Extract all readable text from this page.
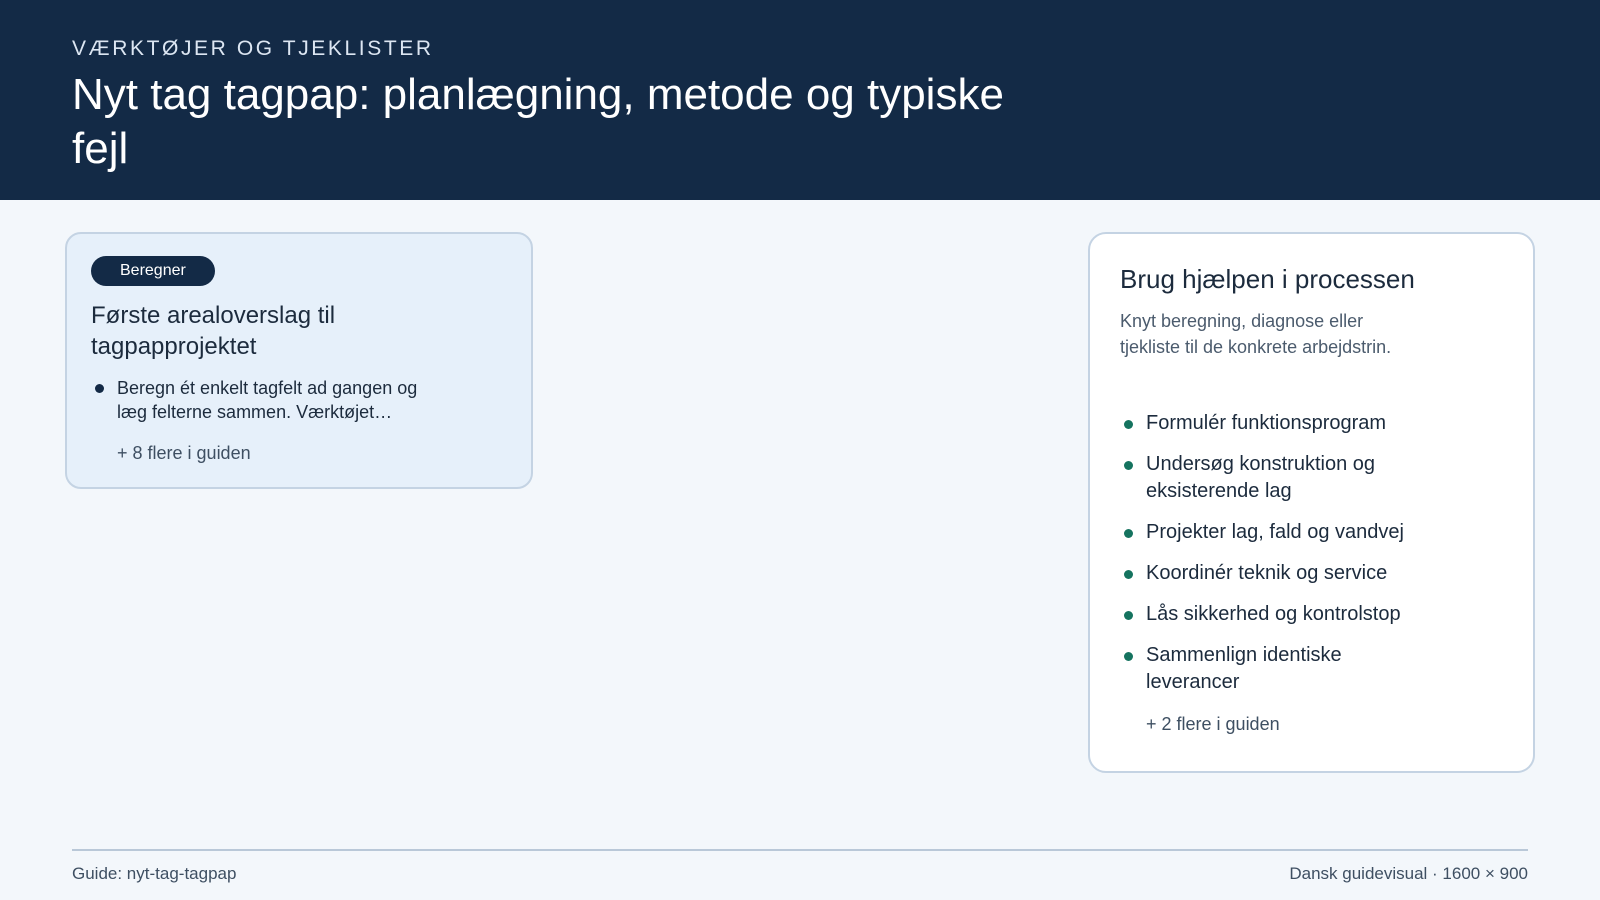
VÆRKTØJER OG TJEKLISTER
Nyt tag tagpap: planlægning, metode og typiske fejl
Beregner
Første arealoverslag til tagpapprojektet
Beregn ét enkelt tagfelt ad gangen og læg felterne sammen. Værktøjet…
+ 8 flere i guiden
Brug hjælpen i processen
Knyt beregning, diagnose eller tjekliste til de konkrete arbejdstrin.
Formulér funktionsprogram
Undersøg konstruktion og eksisterende lag
Projekter lag, fald og vandvej
Koordinér teknik og service
Lås sikkerhed og kontrolstop
Sammenlign identiske leverancer
+ 2 flere i guiden
Guide: nyt-tag-tagpap	Dansk guidevisual · 1600 × 900
